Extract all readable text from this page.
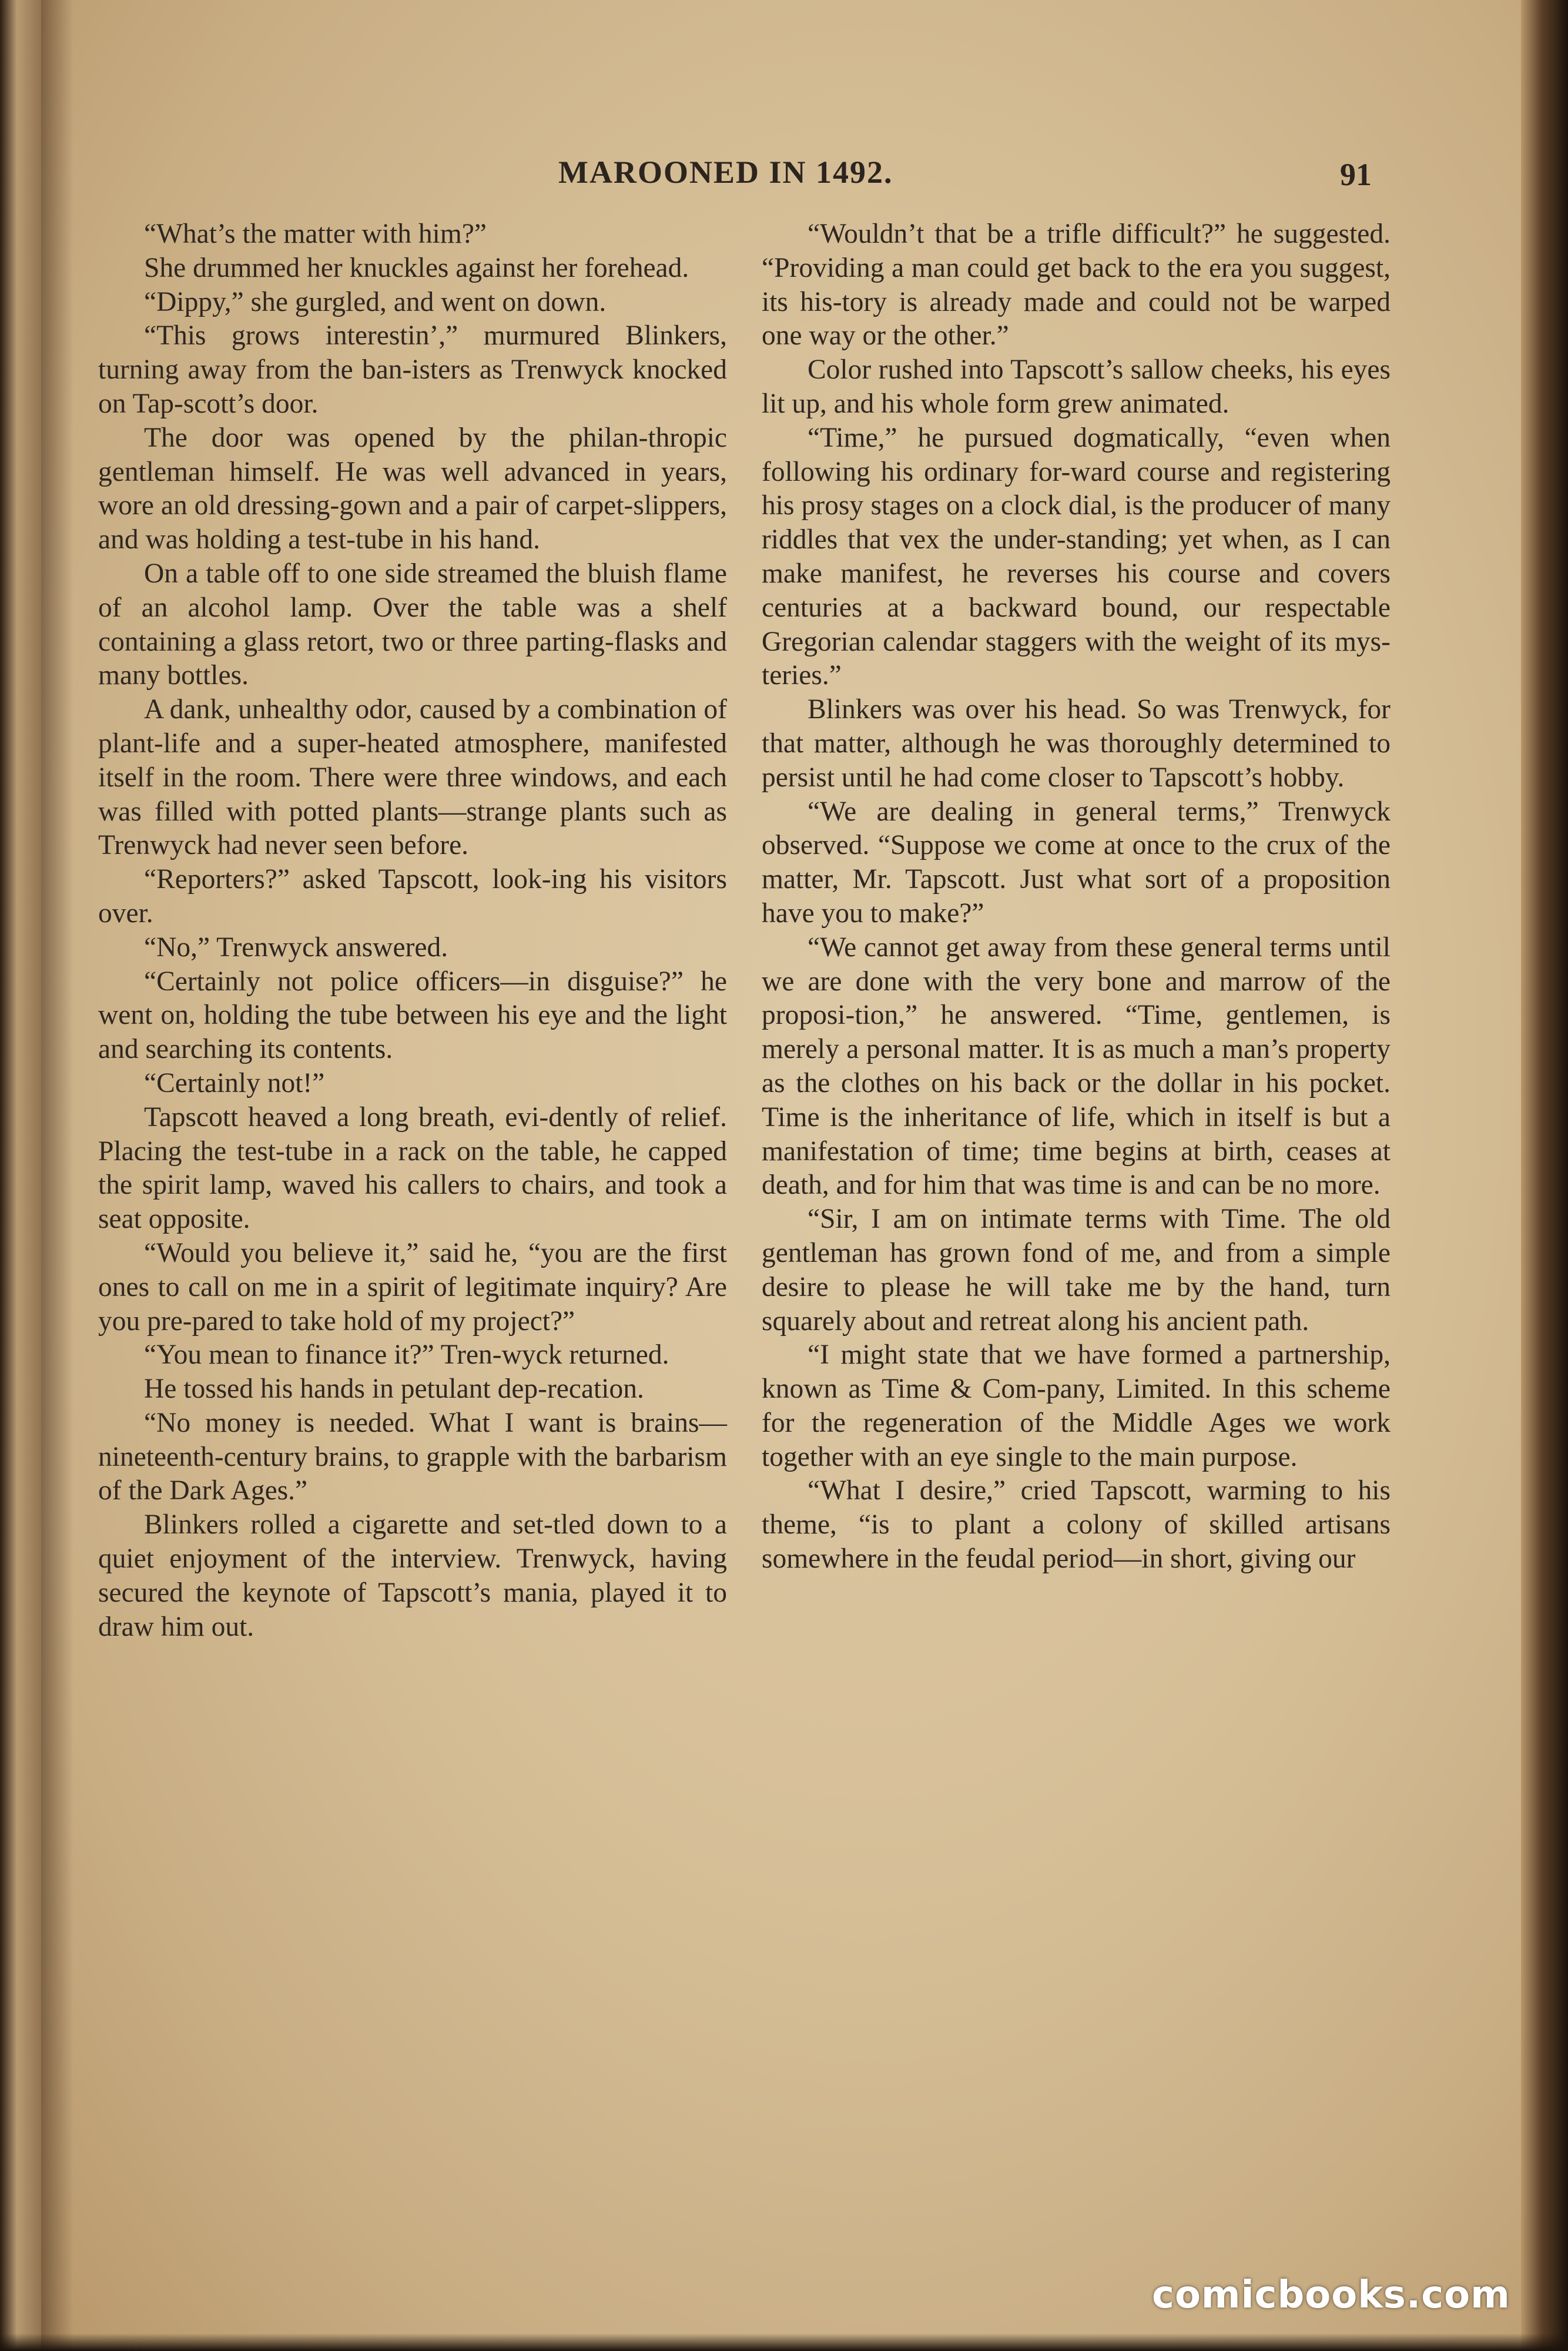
MAROONED IN 1492.	91

“What’s the matter with him?”

She drummed her knuckles against her forehead.

“Dippy,” she gurgled, and went on down.

“This grows interestin’,” murmured Blinkers, turning away from the ban-isters as Trenwyck knocked on Tap-scott’s door.

The door was opened by the philan-thropic gentleman himself. He was well advanced in years, wore an old dressing-gown and a pair of carpet-slippers, and was holding a test-tube in his hand.

On a table off to one side streamed the bluish flame of an alcohol lamp. Over the table was a shelf containing a glass retort, two or three parting-flasks and many bottles.

A dank, unhealthy odor, caused by a combination of plant-life and a super-heated atmosphere, manifested itself in the room. There were three windows, and each was filled with potted plants—strange plants such as Trenwyck had never seen before.

“Reporters?” asked Tapscott, look-ing his visitors over.

“No,” Trenwyck answered.

“Certainly not police officers—in disguise?” he went on, holding the tube between his eye and the light and searching its contents.

“Certainly not!”

Tapscott heaved a long breath, evi-dently of relief. Placing the test-tube in a rack on the table, he capped the spirit lamp, waved his callers to chairs, and took a seat opposite.

“Would you believe it,” said he, “you are the first ones to call on me in a spirit of legitimate inquiry? Are you pre-pared to take hold of my project?”

“You mean to finance it?” Tren-wyck returned.

He tossed his hands in petulant dep-recation.

“No money is needed. What I want is brains—nineteenth-century brains, to grapple with the barbarism of the Dark Ages.”

Blinkers rolled a cigarette and set-tled down to a quiet enjoyment of the interview. Trenwyck, having secured the keynote of Tapscott’s mania, played it to draw him out.

“Wouldn’t that be a trifle difficult?” he suggested. “Providing a man could get back to the era you suggest, its his-tory is already made and could not be warped one way or the other.”

Color rushed into Tapscott’s sallow cheeks, his eyes lit up, and his whole form grew animated.

“Time,” he pursued dogmatically, “even when following his ordinary for-ward course and registering his prosy stages on a clock dial, is the producer of many riddles that vex the under-standing; yet when, as I can make manifest, he reverses his course and covers centuries at a backward bound, our respectable Gregorian calendar staggers with the weight of its mys-teries.”

Blinkers was over his head. So was Trenwyck, for that matter, although he was thoroughly determined to persist until he had come closer to Tapscott’s hobby.

“We are dealing in general terms,” Trenwyck observed. “Suppose we come at once to the crux of the matter, Mr. Tapscott. Just what sort of a proposition have you to make?”

“We cannot get away from these general terms until we are done with the very bone and marrow of the proposi-tion,” he answered. “Time, gentlemen, is merely a personal matter. It is as much a man’s property as the clothes on his back or the dollar in his pocket. Time is the inheritance of life, which in itself is but a manifestation of time; time begins at birth, ceases at death, and for him that was time is and can be no more.

“Sir, I am on intimate terms with Time. The old gentleman has grown fond of me, and from a simple desire to please he will take me by the hand, turn squarely about and retreat along his ancient path.

“I might state that we have formed a partnership, known as Time & Com-pany, Limited. In this scheme for the regeneration of the Middle Ages we work together with an eye single to the main purpose.

“What I desire,” cried Tapscott, warming to his theme, “is to plant a colony of skilled artisans somewhere in the feudal period—in short, giving our

comicbooks.com
